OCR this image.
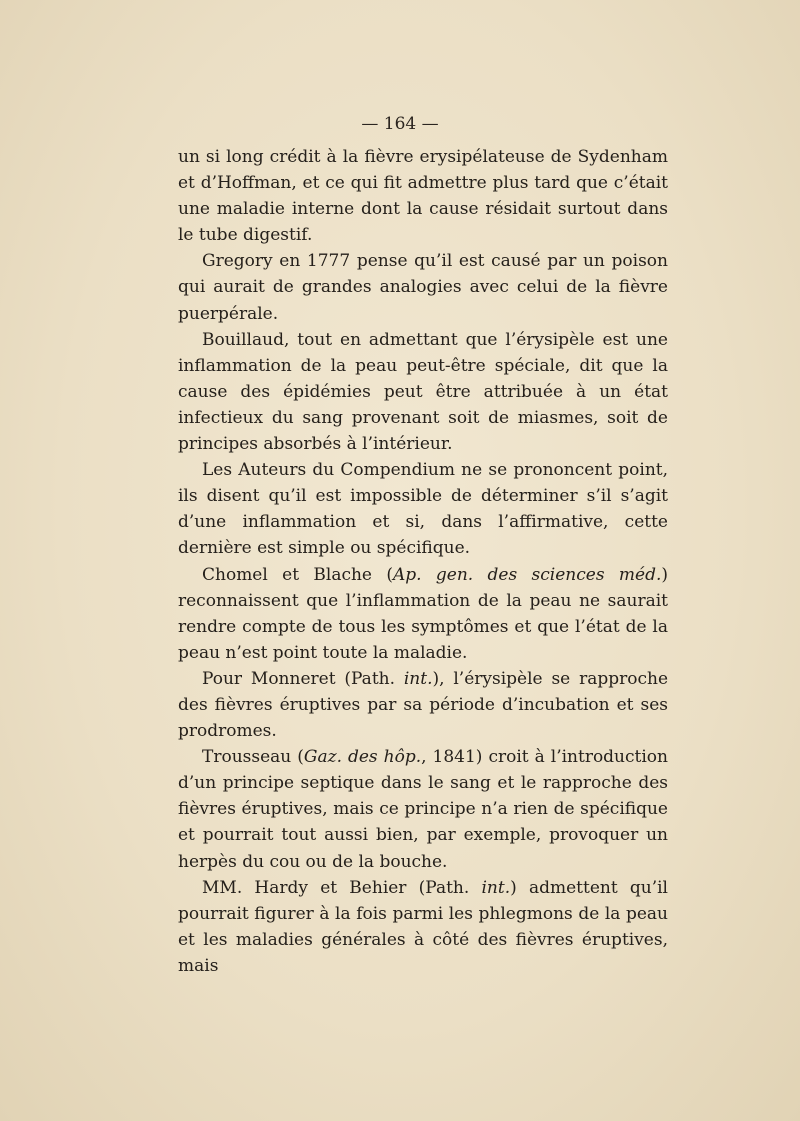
— 164 —

un si long crédit à la fièvre erysipélateuse de Sydenham et d’Hoffman, et ce qui fit admettre plus tard que c’était une maladie interne dont la cause résidait surtout dans le tube digestif.

Gregory en 1777 pense qu’il est causé par un poison qui aurait de grandes analogies avec celui de la fièvre puerpérale.

Bouillaud, tout en admettant que l’érysipèle est une inflammation de la peau peut-être spéciale, dit que la cause des épidémies peut être attribuée à un état infectieux du sang provenant soit de miasmes, soit de principes absorbés à l’intérieur.

Les Auteurs du Compendium ne se prononcent point, ils disent qu’il est impossible de déterminer s’il s’agit d’une inflammation et si, dans l’affirmative, cette dernière est simple ou spécifique.

Chomel et Blache (Ap. gen. des sciences méd.) reconnaissent que l’inflammation de la peau ne saurait rendre compte de tous les symptômes et que l’état de la peau n’est point toute la maladie.

Pour Monneret (Path. int.), l’érysipèle se rapproche des fièvres éruptives par sa période d’incubation et ses prodromes.

Trousseau (Gaz. des hôp., 1841) croit à l’introduction d’un principe septique dans le sang et le rapproche des fièvres éruptives, mais ce principe n’a rien de spécifique et pourrait tout aussi bien, par exemple, provoquer un herpès du cou ou de la bouche.

MM. Hardy et Behier (Path. int.) admettent qu’il pourrait figurer à la fois parmi les phlegmons de la peau et les maladies générales à côté des fièvres éruptives, mais
